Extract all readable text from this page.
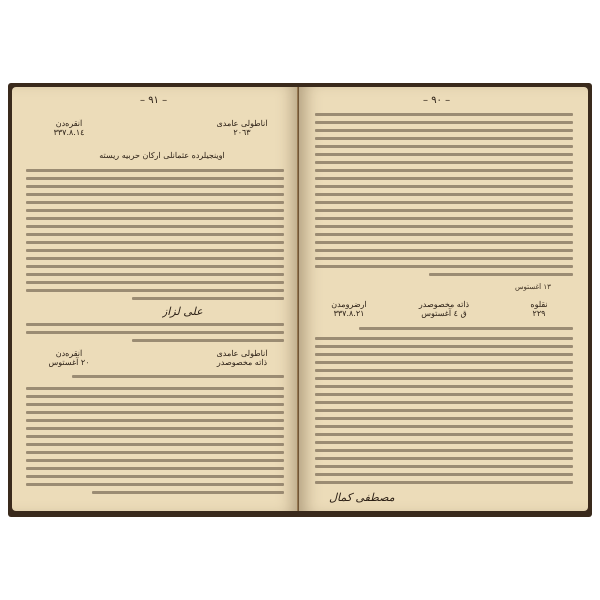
– ٩١ –
آناطولى عامدى
٢٠٦٣
آنقرەدن
٣٣٧.٨.١٤
اوينجيلردە عثمانلى اركان حربيە ريستە
علی لزاز
آناطولى عامدى
ذاتە مخصوصدر
آنقرەدن
٢٠ آغستوس
– ٩٠ –
١٣ آغستوس
نقلوه
٢٢٩
ذاتە مخصوصدر
ق ٤ آغستوس
ارضرومدن
٣٣٧.٨.٢١
مصطفى كمال
